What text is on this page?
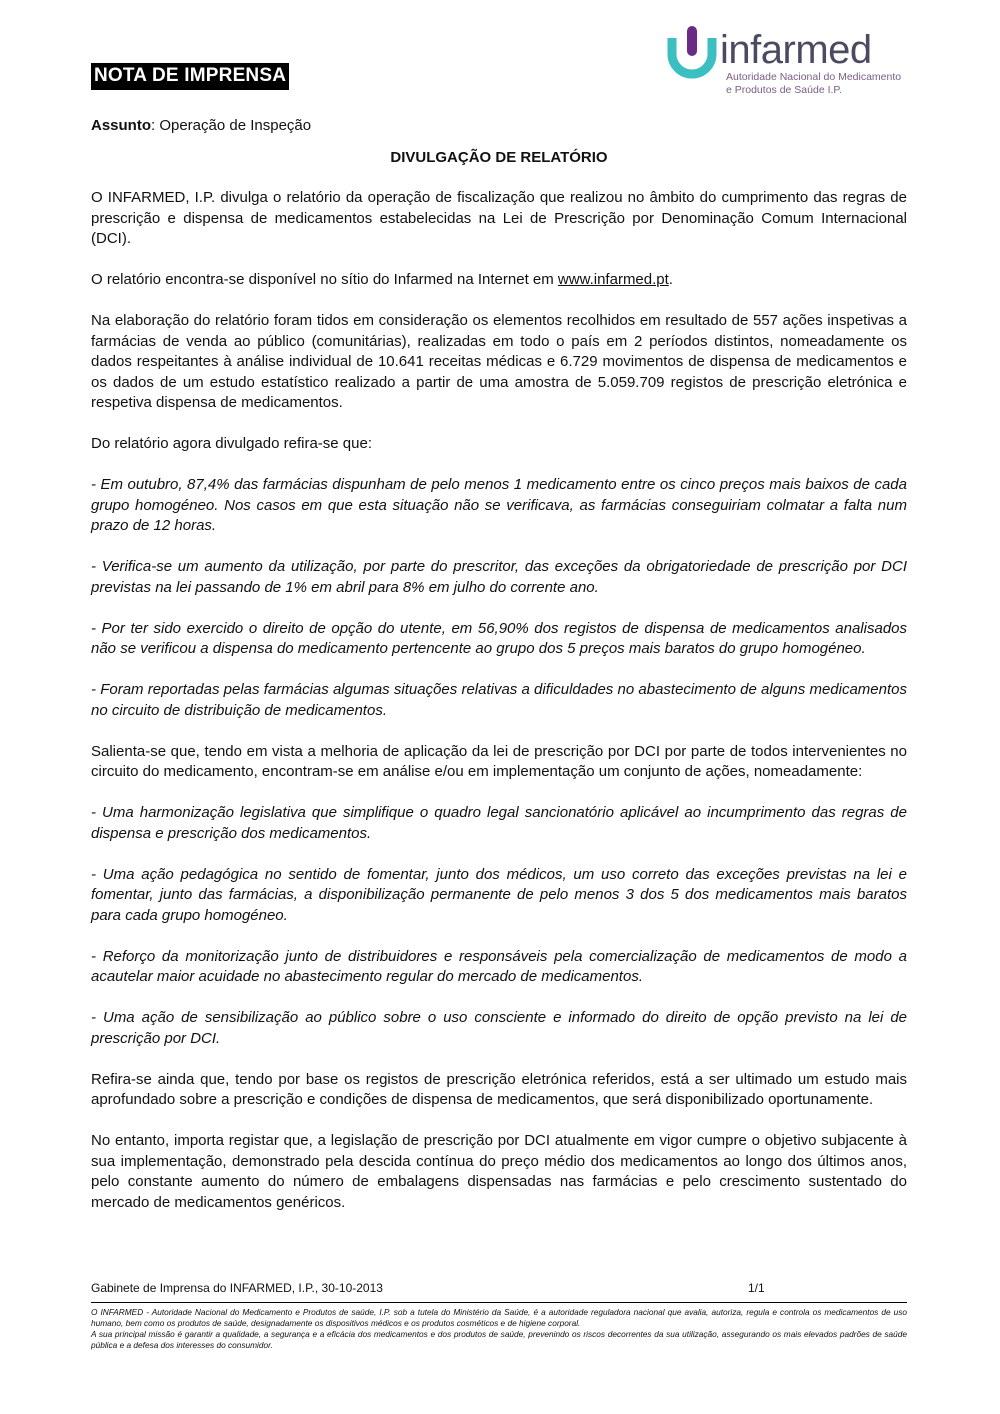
NOTA DE IMPRENSA
infarmed
Autoridade Nacional do Medicamento
e Produtos de Saúde I.P.
Assunto: Operação de Inspeção
DIVULGAÇÃO DE RELATÓRIO

O INFARMED, I.P. divulga o relatório da operação de fiscalização que realizou no âmbito do cumprimento das regras de prescrição e dispensa de medicamentos estabelecidas na Lei de Prescrição por Denominação Comum Internacional (DCI).

O relatório encontra-se disponível no sítio do Infarmed na Internet em www.infarmed.pt.

Na elaboração do relatório foram tidos em consideração os elementos recolhidos em resultado de 557 ações inspetivas a farmácias de venda ao público (comunitárias), realizadas em todo o país em 2 períodos distintos, nomeadamente os dados respeitantes à análise individual de 10.641 receitas médicas e 6.729 movimentos de dispensa de medicamentos e os dados de um estudo estatístico realizado a partir de uma amostra de 5.059.709 registos de prescrição eletrónica e respetiva dispensa de medicamentos.

Do relatório agora divulgado refira-se que:

- Em outubro, 87,4% das farmácias dispunham de pelo menos 1 medicamento entre os cinco preços mais baixos de cada grupo homogéneo. Nos casos em que esta situação não se verificava, as farmácias conseguiriam colmatar a falta num prazo de 12 horas.

- Verifica-se um aumento da utilização, por parte do prescritor, das exceções da obrigatoriedade de prescrição por DCI previstas na lei passando de 1% em abril para 8% em julho do corrente ano.

- Por ter sido exercido o direito de opção do utente, em 56,90% dos registos de dispensa de medicamentos analisados não se verificou a dispensa do medicamento pertencente ao grupo dos 5 preços mais baratos do grupo homogéneo.

- Foram reportadas pelas farmácias algumas situações relativas a dificuldades no abastecimento de alguns medicamentos no circuito de distribuição de medicamentos.

Salienta-se que, tendo em vista a melhoria de aplicação da lei de prescrição por DCI por parte de todos intervenientes no circuito do medicamento, encontram-se em análise e/ou em implementação um conjunto de ações, nomeadamente:

- Uma harmonização legislativa que simplifique o quadro legal sancionatório aplicável ao incumprimento das regras de dispensa e prescrição dos medicamentos.

- Uma ação pedagógica no sentido de fomentar, junto dos médicos, um uso correto das exceções previstas na lei e fomentar, junto das farmácias, a disponibilização permanente de pelo menos 3 dos 5 dos medicamentos mais baratos para cada grupo homogéneo.

- Reforço da monitorização junto de distribuidores e responsáveis pela comercialização de medicamentos de modo a acautelar maior acuidade no abastecimento regular do mercado de medicamentos.

- Uma ação de sensibilização ao público sobre o uso consciente e informado do direito de opção previsto na lei de prescrição por DCI.

Refira-se ainda que, tendo por base os registos de prescrição eletrónica referidos, está a ser ultimado um estudo mais aprofundado sobre a prescrição e condições de dispensa de medicamentos, que será disponibilizado oportunamente.

No entanto, importa registar que, a legislação de prescrição por DCI atualmente em vigor cumpre o objetivo subjacente à sua implementação, demonstrado pela descida contínua do preço médio dos medicamentos ao longo dos últimos anos, pelo constante aumento do número de embalagens dispensadas nas farmácias e pelo crescimento sustentado do mercado de medicamentos genéricos.

Gabinete de Imprensa do INFARMED, I.P., 30-10-2013	1/1

O INFARMED - Autoridade Nacional do Medicamento e Produtos de saúde, I.P. sob a tutela do Ministério da Saúde, é a autoridade reguladora nacional que avalia, autoriza, regula e controla os medicamentos de uso humano, bem como os produtos de saúde, designadamente os dispositivos médicos e os produtos cosméticos e de higiene corporal.

A sua principal missão é garantir a qualidade, a segurança e a eficácia dos medicamentos e dos produtos de saúde, prevenindo os riscos decorrentes da sua utilização, assegurando os mais elevados padrões de saúde pública e a defesa dos interesses do consumidor.
